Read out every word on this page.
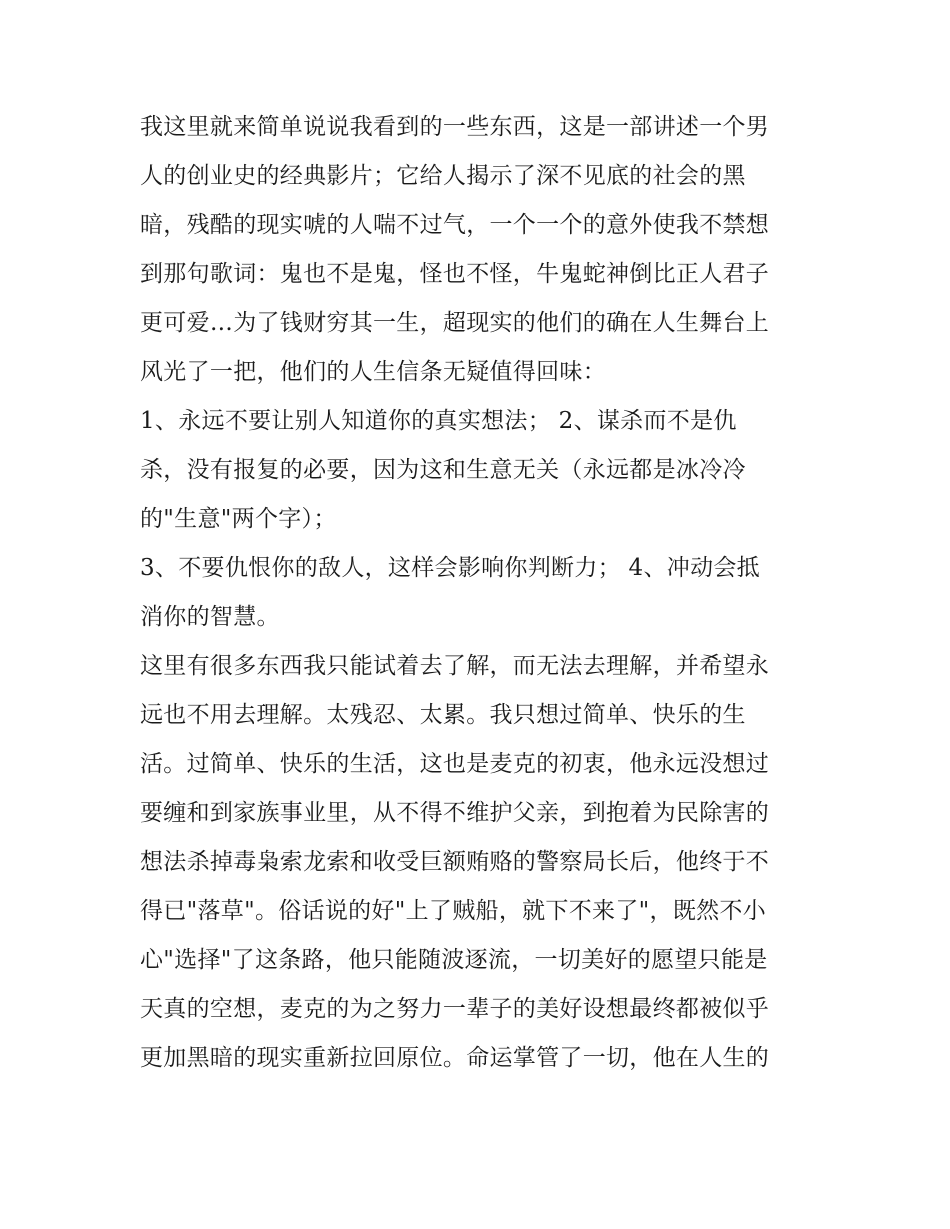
我这里就来简单说说我看到的一些东西，这是一部讲述一个男
人的创业史的经典影片；它给人揭示了深不见底的社会的黑
暗，残酷的现实唬的人喘不过气，一个一个的意外使我不禁想
到那句歌词：鬼也不是鬼，怪也不怪，牛鬼蛇神倒比正人君子
更可爱…为了钱财穷其一生，超现实的他们的确在人生舞台上
风光了一把，他们的人生信条无疑值得回味：
1、永远不要让别人知道你的真实想法； 2、谋杀而不是仇
杀，没有报复的必要，因为这和生意无关（永远都是冰冷冷
的"生意"两个字）；
3、不要仇恨你的敌人，这样会影响你判断力； 4、冲动会抵
消你的智慧。
这里有很多东西我只能试着去了解，而无法去理解，并希望永
远也不用去理解。太残忍、太累。我只想过简单、快乐的生
活。过简单、快乐的生活，这也是麦克的初衷，他永远没想过
要缠和到家族事业里，从不得不维护父亲，到抱着为民除害的
想法杀掉毒枭索龙索和收受巨额贿赂的警察局长后，他终于不
得已"落草"。俗话说的好"上了贼船，就下不来了"，既然不小
心"选择"了这条路，他只能随波逐流，一切美好的愿望只能是
天真的空想，麦克的为之努力一辈子的美好设想最终都被似乎
更加黑暗的现实重新拉回原位。命运掌管了一切，他在人生的
